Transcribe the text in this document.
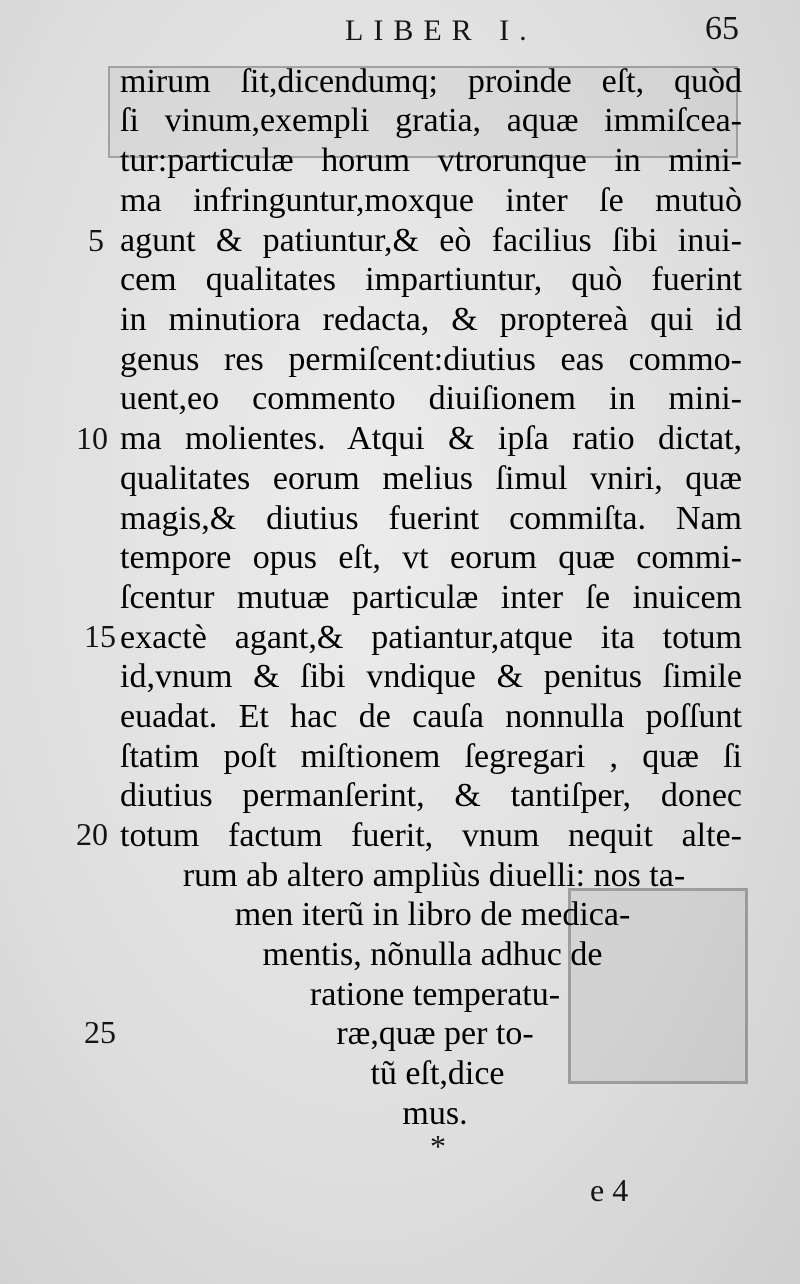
LIBER I.	65
mirum ſit,dicendumq; proinde eſt, quòd
ſi vinum,exempli gratia, aquæ immiſcea-
tur:particulæ horum vtrorunque in mini-
ma infringuntur,moxque inter ſe mutuò
agunt & patiuntur,& eò facilius ſibi inui-
cem qualitates impartiuntur, quò fuerint
in minutiora redacta, & proptereà qui id
genus res permiſcent:diutius eas commo-
uent,eo commento diuiſionem in mini-
ma molientes. Atqui & ipſa ratio dictat,
qualitates eorum melius ſimul vniri, quæ
magis,& diutius fuerint commiſta. Nam
tempore opus eſt, vt eorum quæ commi-
ſcentur mutuæ particulæ inter ſe inuicem
exactè agant,& patiantur,atque ita totum
id,vnum & ſibi vndique & penitus ſimile
euadat. Et hac de cauſa nonnulla poſſunt
ſtatim poſt miſtionem ſegregari , quæ ſi
diutius permanſerint, & tantiſper, donec
totum factum fuerit, vnum nequit alte-
rum ab altero ampliùs diuelli: nos ta-
men iterũ in libro de medica-
mentis, nõnulla adhuc de
ratione temperatu-
ræ,quæ per to-
tũ eſt,dice
mus.
5
10
15
20
25
*
e 4
